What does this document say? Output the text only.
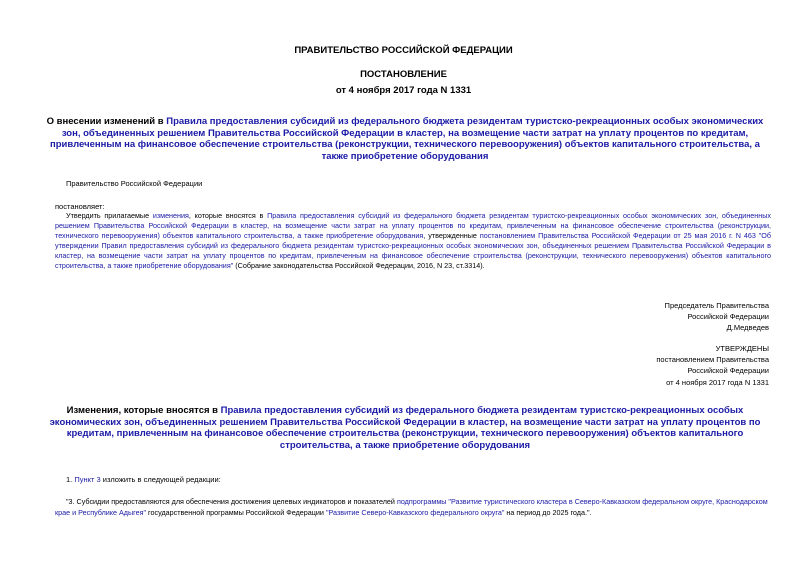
ПРАВИТЕЛЬСТВО РОССИЙСКОЙ ФЕДЕРАЦИИ
ПОСТАНОВЛЕНИЕ
от 4 ноября 2017 года N 1331
О внесении изменений в Правила предоставления субсидий из федерального бюджета резидентам туристско-рекреационных особых экономических зон, объединенных решением Правительства Российской Федерации в кластер, на возмещение части затрат на уплату процентов по кредитам, привлеченным на финансовое обеспечение строительства (реконструкции, технического перевооружения) объектов капитального строительства, а также приобретение оборудования
Правительство Российской Федерации
постановляет:
Утвердить прилагаемые изменения, которые вносятся в Правила предоставления субсидий из федерального бюджета резидентам туристско-рекреационных особых экономических зон, объединенных решением Правительства Российской Федерации в кластер, на возмещение части затрат на уплату процентов по кредитам, привлеченным на финансовое обеспечение строительства (реконструкции, технического перевооружения) объектов капитального строительства, а также приобретение оборудования, утвержденные постановлением Правительства Российской Федерации от 25 мая 2016 г. N 463 "Об утверждении Правил предоставления субсидий из федерального бюджета резидентам туристско-рекреационных особых экономических зон, объединенных решением Правительства Российской Федерации в кластер, на возмещение части затрат на уплату процентов по кредитам, привлеченным на финансовое обеспечение строительства (реконструкции, технического перевооружения) объектов капитального строительства, а также приобретение оборудования" (Собрание законодательства Российской Федерации, 2016, N 23, ст.3314).
Председатель Правительства
Российской Федерации
Д.Медведев
УТВЕРЖДЕНЫ
постановлением Правительства
Российской Федерации
от 4 ноября 2017 года N 1331
Изменения, которые вносятся в Правила предоставления субсидий из федерального бюджета резидентам туристско-рекреационных особых экономических зон, объединенных решением Правительства Российской Федерации в кластер, на возмещение части затрат на уплату процентов по кредитам, привлеченным на финансовое обеспечение строительства (реконструкции, технического перевооружения) объектов капитального строительства, а также приобретение оборудования
1. Пункт 3 изложить в следующей редакции:
"3. Субсидии предоставляются для обеспечения достижения целевых индикаторов и показателей подпрограммы "Развитие туристического кластера в Северо-Кавказском федеральном округе, Краснодарском крае и Республике Адыгея" государственной программы Российской Федерации "Развитие Северо-Кавказского федерального округа" на период до 2025 года.".
